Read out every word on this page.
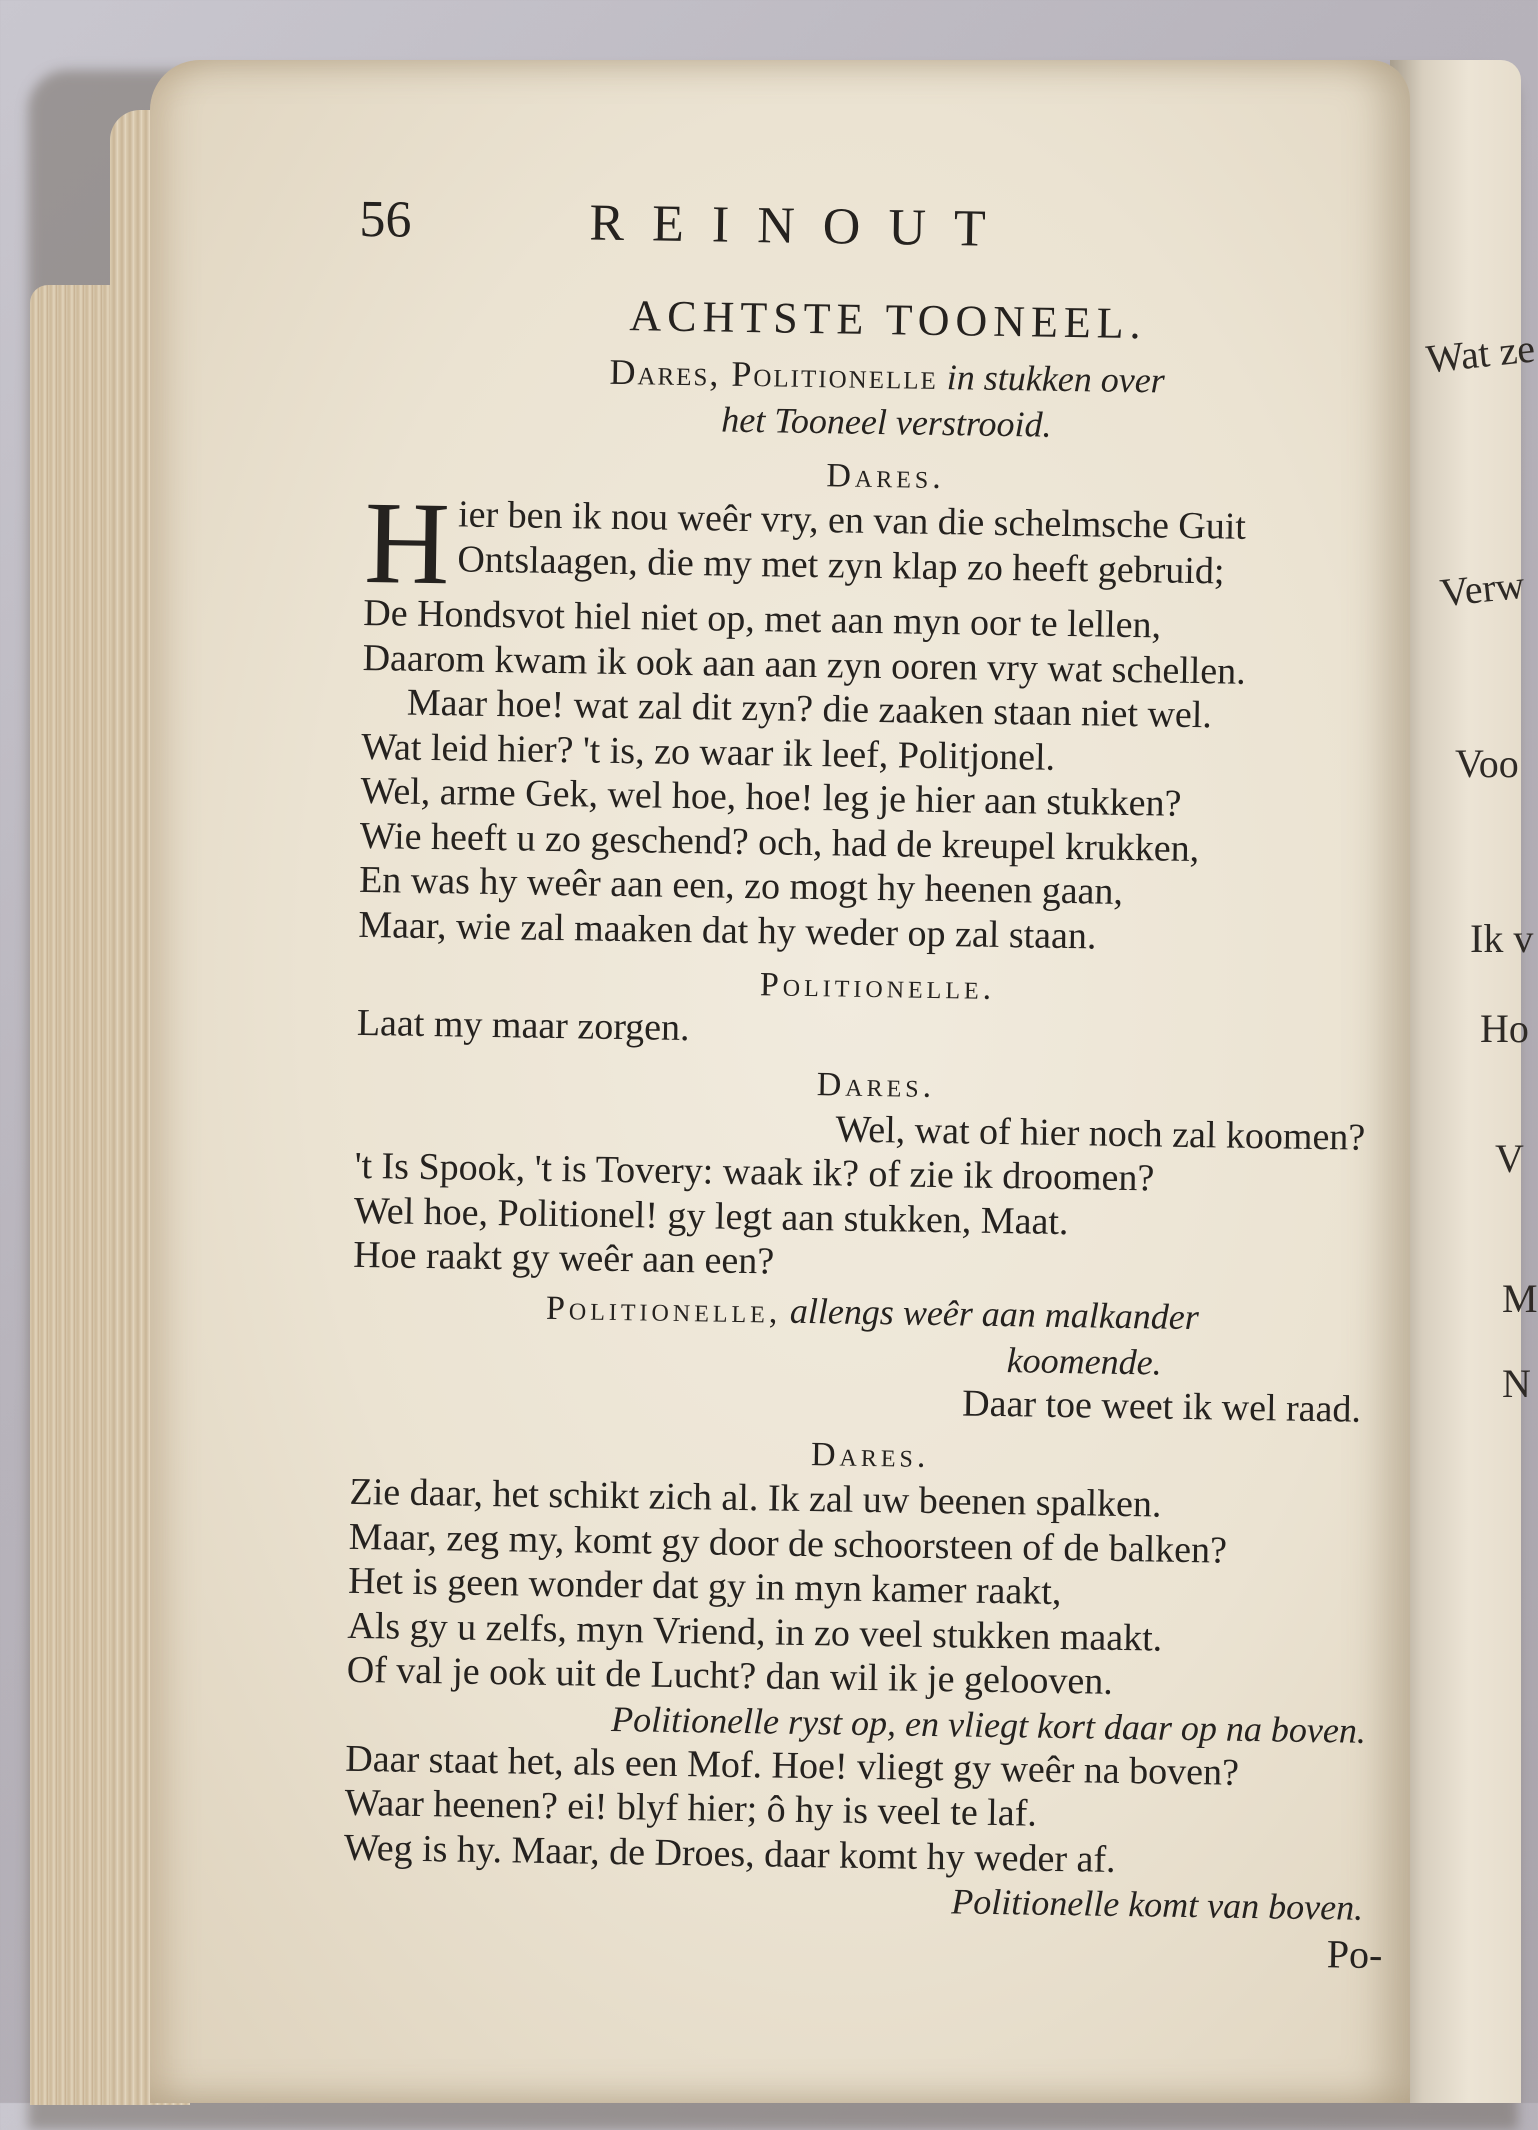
Wat ze
Verw
Voo
Ik v
Ho
V
M
N
56	REINOUT
ACHTSTE TOONEEL.
Dares, Politionelle in stukken over
het Tooneel verstrooid.
Dares.
H ier ben ik nou weêr vry, en van die schelmsche Guit
Ontslaagen, die my met zyn klap zo heeft gebruid;
De Hondsvot hiel niet op, met aan myn oor te lellen,
Daarom kwam ik ook aan aan zyn ooren vry wat schellen.
Maar hoe! wat zal dit zyn? die zaaken staan niet wel.
Wat leid hier? 't is, zo waar ik leef, Politjonel.
Wel, arme Gek, wel hoe, hoe! leg je hier aan stukken?
Wie heeft u zo geschend? och, had de kreupel krukken,
En was hy weêr aan een, zo mogt hy heenen gaan,
Maar, wie zal maaken dat hy weder op zal staan.
Politionelle.
Laat my maar zorgen.
Dares.
Wel, wat of hier noch zal koomen?
't Is Spook, 't is Tovery: waak ik? of zie ik droomen?
Wel hoe, Politionel! gy legt aan stukken, Maat.
Hoe raakt gy weêr aan een?
Politionelle, allengs weêr aan malkander
koomende.
Daar toe weet ik wel raad.
Dares.
Zie daar, het schikt zich al. Ik zal uw beenen spalken.
Maar, zeg my, komt gy door de schoorsteen of de balken?
Het is geen wonder dat gy in myn kamer raakt,
Als gy u zelfs, myn Vriend, in zo veel stukken maakt.
Of val je ook uit de Lucht? dan wil ik je gelooven.
Politionelle ryst op, en vliegt kort daar op na boven.
Daar staat het, als een Mof. Hoe! vliegt gy weêr na boven?
Waar heenen? ei! blyf hier; ô hy is veel te laf.
Weg is hy. Maar, de Droes, daar komt hy weder af.
Politionelle komt van boven.
Po-
